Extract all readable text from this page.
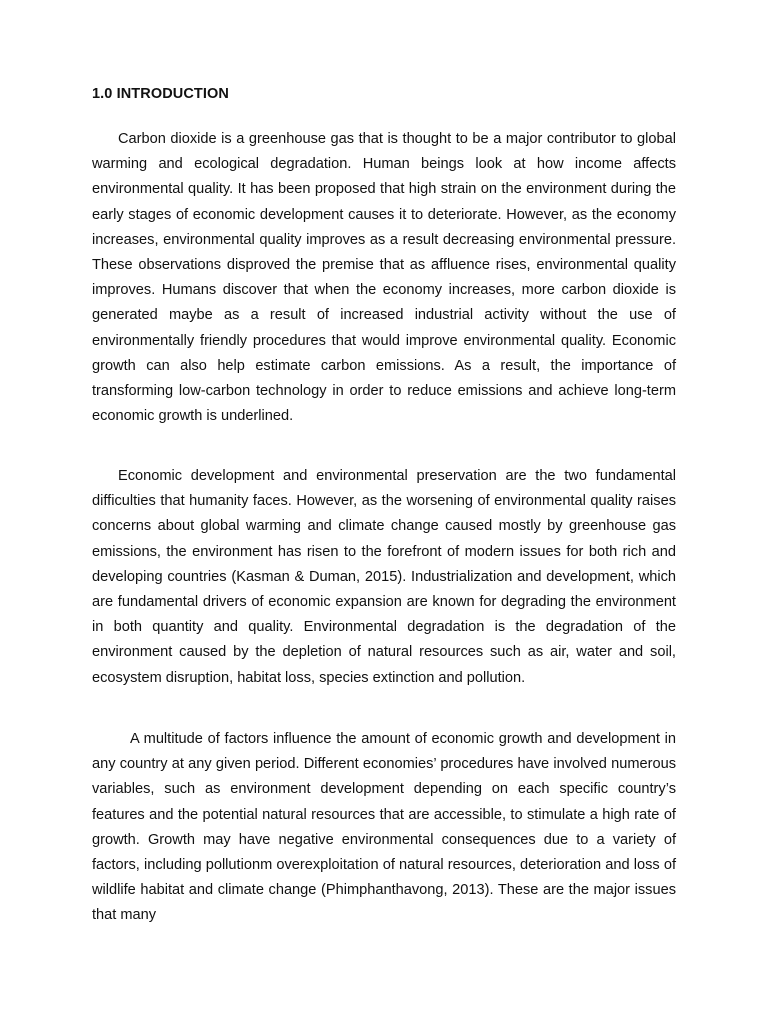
1.0 INTRODUCTION

Carbon dioxide is a greenhouse gas that is thought to be a major contributor to global warming and ecological degradation. Human beings look at how income affects environmental quality. It has been proposed that high strain on the environment during the early stages of economic development causes it to deteriorate. However, as the economy increases, environmental quality improves as a result decreasing environmental pressure. These observations disproved the premise that as affluence rises, environmental quality improves. Humans discover that when the economy increases, more carbon dioxide is generated maybe as a result of increased industrial activity without the use of environmentally friendly procedures that would improve environmental quality. Economic growth can also help estimate carbon emissions. As a result, the importance of transforming low-carbon technology in order to reduce emissions and achieve long-term economic growth is underlined.

Economic development and environmental preservation are the two fundamental difficulties that humanity faces. However, as the worsening of environmental quality raises concerns about global warming and climate change caused mostly by greenhouse gas emissions, the environment has risen to the forefront of modern issues for both rich and developing countries (Kasman & Duman, 2015). Industrialization and development, which are fundamental drivers of economic expansion are known for degrading the environment in both quantity and quality. Environmental degradation is the degradation of the environment caused by the depletion of natural resources such as air, water and soil, ecosystem disruption, habitat loss, species extinction and pollution.

A multitude of factors influence the amount of economic growth and development in any country at any given period. Different economies’ procedures have involved numerous variables, such as environment development depending on each specific country’s features and the potential natural resources that are accessible, to stimulate a high rate of growth. Growth may have negative environmental consequences due to a variety of factors, including pollutionm overexploitation of natural resources, deterioration and loss of wildlife habitat and climate change (Phimphanthavong, 2013). These are the major issues that many
